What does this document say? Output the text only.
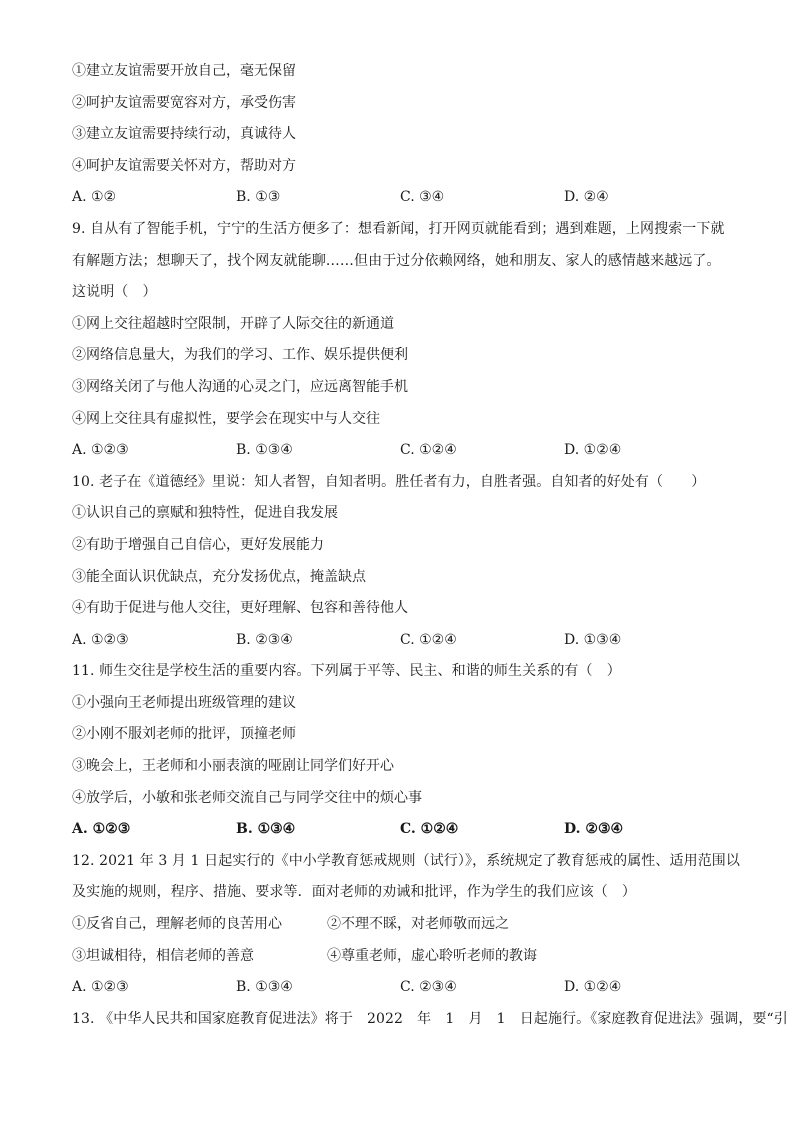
①建立友谊需要开放自己，毫无保留
②呵护友谊需要宽容对方，承受伤害
③建立友谊需要持续行动，真诚待人
④呵护友谊需要关怀对方，帮助对方
A. ①②	B. ①③	C. ③④	D. ②④
9. 自从有了智能手机，宁宁的生活方便多了：想看新闻，打开网页就能看到；遇到难题，上网搜索一下就
有解题方法；想聊天了，找个网友就能聊……但由于过分依赖网络，她和朋友、家人的感情越来越远了。
这说明（　）
①网上交往超越时空限制，开辟了人际交往的新通道
②网络信息量大，为我们的学习、工作、娱乐提供便利
③网络关闭了与他人沟通的心灵之门，应远离智能手机
④网上交往具有虚拟性，要学会在现实中与人交往
A. ①②③	B. ①③④	C. ①②④	D. ①②④
10. 老子在《道德经》里说：知人者智，自知者明。胜任者有力，自胜者强。自知者的好处有（　　）
①认识自己的禀赋和独特性，促进自我发展
②有助于增强自己自信心，更好发展能力
③能全面认识优缺点，充分发扬优点，掩盖缺点
④有助于促进与他人交往，更好理解、包容和善待他人
A. ①②③	B. ②③④	C. ①②④	D. ①③④
11. 师生交往是学校生活的重要内容。下列属于平等、民主、和谐的师生关系的有（　）
①小强向王老师提出班级管理的建议
②小刚不服刘老师的批评，顶撞老师
③晚会上，王老师和小丽表演的哑剧让同学们好开心
④放学后，小敏和张老师交流自己与同学交往中的烦心事
A. ①②③	B. ①③④	C. ①②④	D. ②③④
12. 2021 年 3 月 1 日起实行的《中小学教育惩戒规则（试行）》，系统规定了教育惩戒的属性、适用范围以
及实施的规则，程序、措施、要求等．面对老师的劝诫和批评，作为学生的我们应该（　）
①反省自己，理解老师的良苦用心	②不理不睬，对老师敬而远之
③坦诚相待，相信老师的善意	④尊重老师，虚心聆听老师的教诲
A. ①②③	B. ①③④	C. ②③④	D. ①②④
13. 《中华人民共和国家庭教育促进法》将于　2022　年　1　月　1　日起施行。《家庭教育促进法》强调，要“引
